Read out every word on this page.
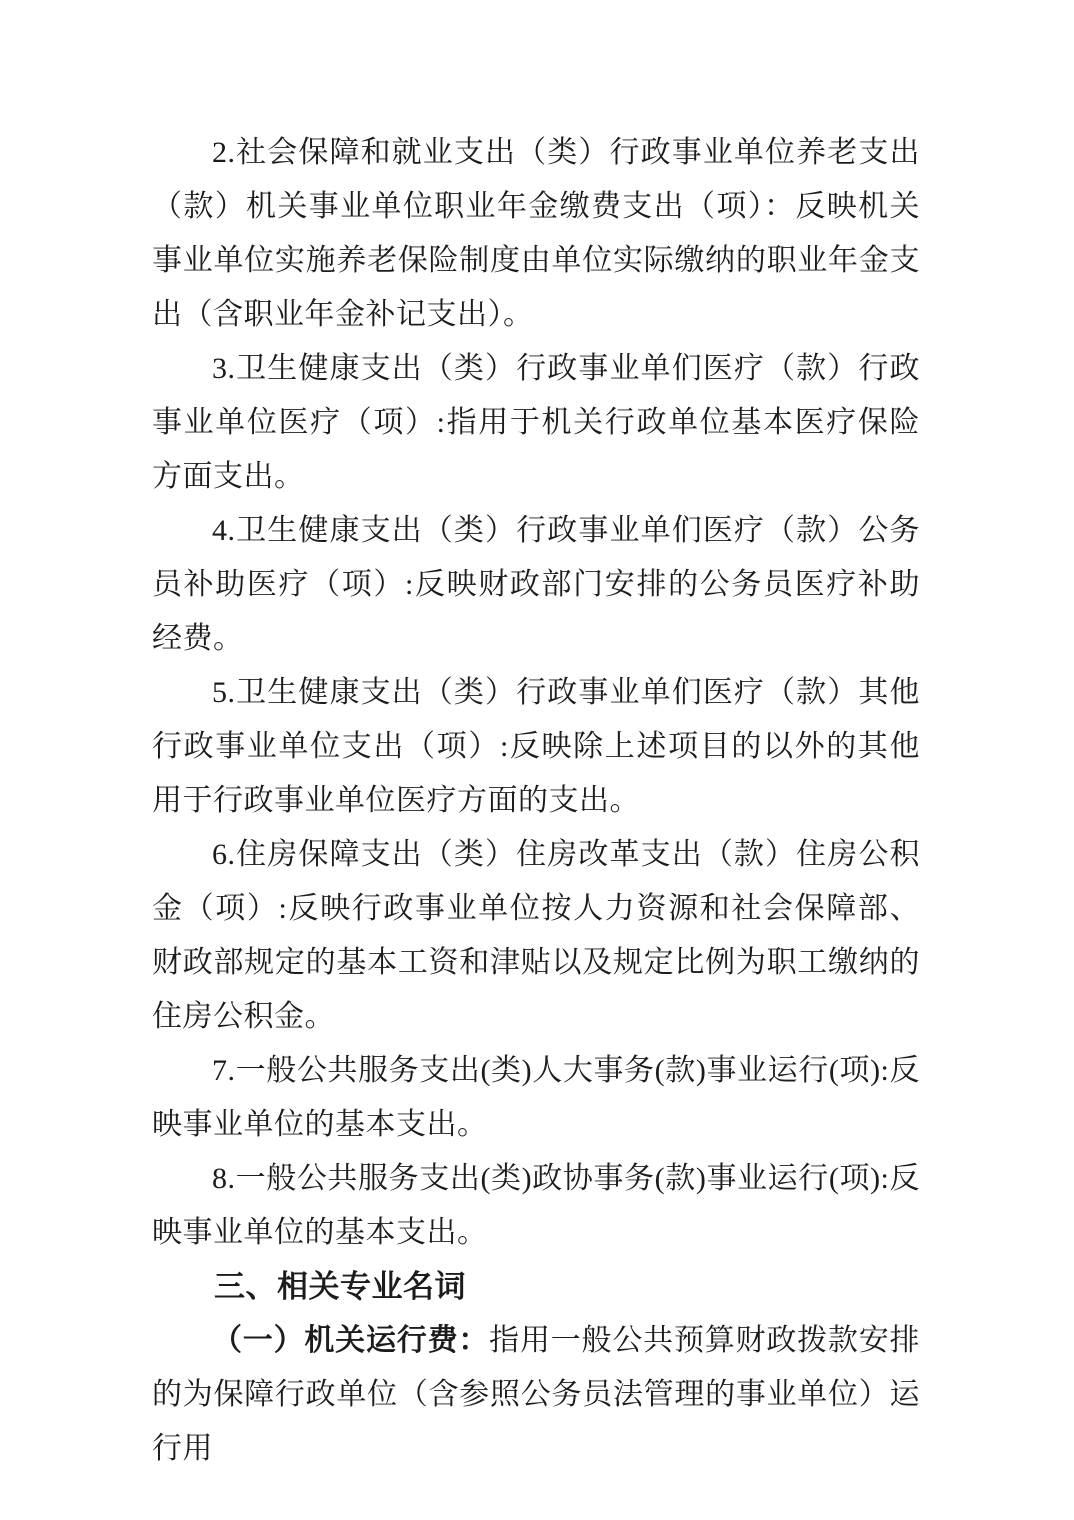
2.社会保障和就业支出（类）行政事业单位养老支出（款）机关事业单位职业年金缴费支出（项）：反映机关事业单位实施养老保险制度由单位实际缴纳的职业年金支出（含职业年金补记支出）。

3.卫生健康支出（类）行政事业单们医疗（款）行政事业单位医疗（项）:指用于机关行政单位基本医疗保险方面支出。

4.卫生健康支出（类）行政事业单们医疗（款）公务员补助医疗（项）:反映财政部门安排的公务员医疗补助经费。

5.卫生健康支出（类）行政事业单们医疗（款）其他行政事业单位支出（项）:反映除上述项目的以外的其他用于行政事业单位医疗方面的支出。

6.住房保障支出（类）住房改革支出（款）住房公积金（项）:反映行政事业单位按人力资源和社会保障部、财政部规定的基本工资和津贴以及规定比例为职工缴纳的住房公积金。

7.一般公共服务支出(类)人大事务(款)事业运行(项):反映事业单位的基本支出。

8.一般公共服务支出(类)政协事务(款)事业运行(项):反映事业单位的基本支出。

三、相关专业名词

（一）机关运行费：指用一般公共预算财政拨款安排的为保障行政单位（含参照公务员法管理的事业单位）运行用
